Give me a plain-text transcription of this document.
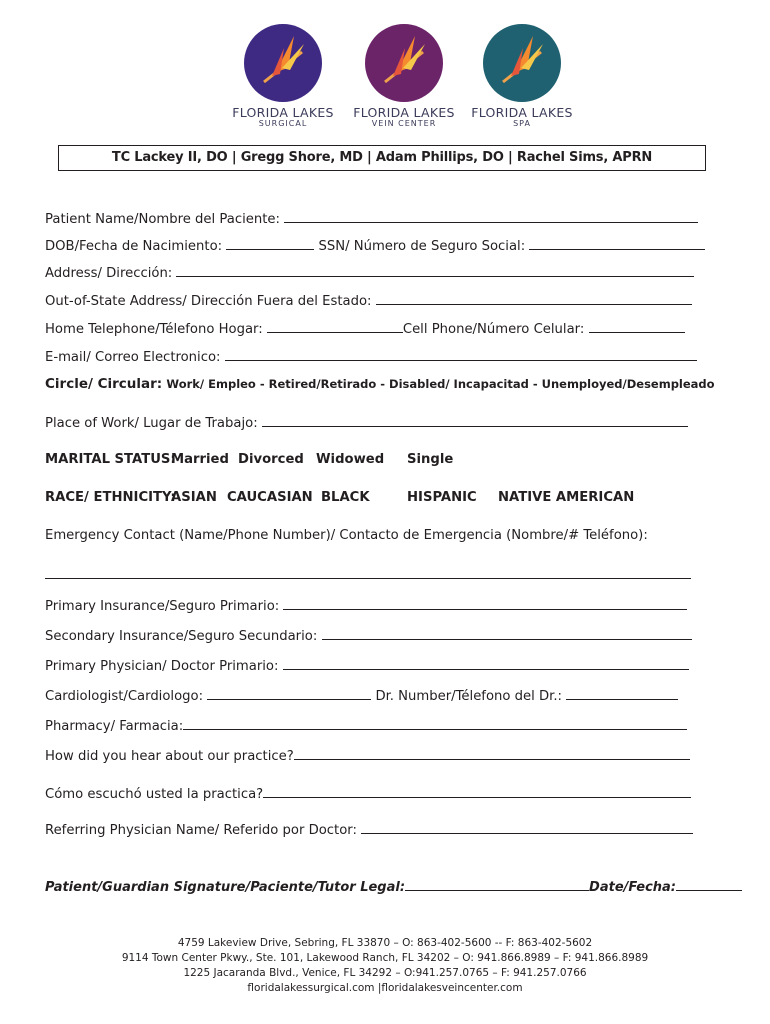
FLORIDA LAKES
SURGICAL
FLORIDA LAKES
VEIN CENTER
FLORIDA LAKES
SPA
TC Lackey II, DO | Gregg Shore, MD | Adam Phillips, DO | Rachel Sims, APRN
Patient Name/Nombre del Paciente:
DOB/Fecha de Nacimiento:	SSN/ Número de Seguro Social:
Address/ Dirección:
Out-of-State Address/ Dirección Fuera del Estado:
Home Telephone/Télefono Hogar:	Cell Phone/Número Celular:
E-mail/ Correo Electronico:
Circle/ Circular: Work/ Empleo - Retired/Retirado - Disabled/ Incapacitad - Unemployed/Desempleado
Place of Work/ Lugar de Trabajo:
MARITAL STATUS:
Married Divorced Widowed Single
RACE/ ETHNICITY:
ASIAN CAUCASIAN BLACK	HISPANIC NATIVE AMERICAN
Emergency Contact (Name/Phone Number)/ Contacto de Emergencia (Nombre/# Teléfono):
Primary Insurance/Seguro Primario:
Secondary Insurance/Seguro Secundario:
Primary Physician/ Doctor Primario:
Cardiologist/Cardiologo:	Dr. Number/Télefono del Dr.:
Pharmacy/ Farmacia:
How did you hear about our practice?
Cómo escuchó usted la practica?
Referring Physician Name/ Referido por Doctor:
Patient/Guardian Signature/Paciente/Tutor Legal:	Date/Fecha:
4759 Lakeview Drive, Sebring, FL 33870 – O: 863-402-5600 -- F: 863-402-5602
9114 Town Center Pkwy., Ste. 101, Lakewood Ranch, FL 34202 – O: 941.866.8989 – F: 941.866.8989
1225 Jacaranda Blvd., Venice, FL 34292 – O:941.257.0765 – F: 941.257.0766
floridalakessurgical.com |floridalakesveincenter.com
